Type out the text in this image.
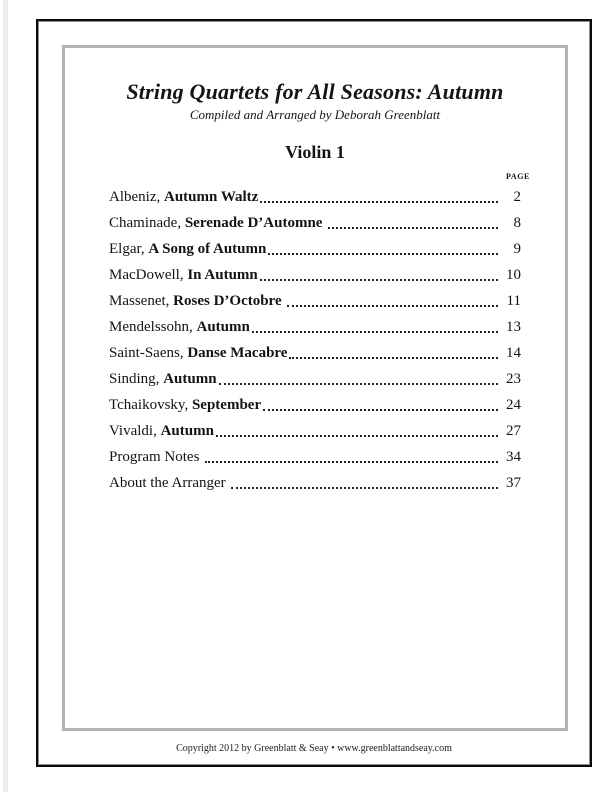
String Quartets for All Seasons: Autumn
Compiled and Arranged by Deborah Greenblatt
Violin 1
PAGE
Albeniz, Autumn Waltz	2
Chaminade, Serenade D’Automne	8
Elgar, A Song of Autumn	9
MacDowell, In Autumn	10
Massenet, Roses D’Octobre	11
Mendelssohn, Autumn	13
Saint-Saens, Danse Macabre	14
Sinding, Autumn	23
Tchaikovsky, September	24
Vivaldi, Autumn	27
Program Notes	34
About the Arranger	37
Copyright 2012 by Greenblatt & Seay • www.greenblattandseay.com
